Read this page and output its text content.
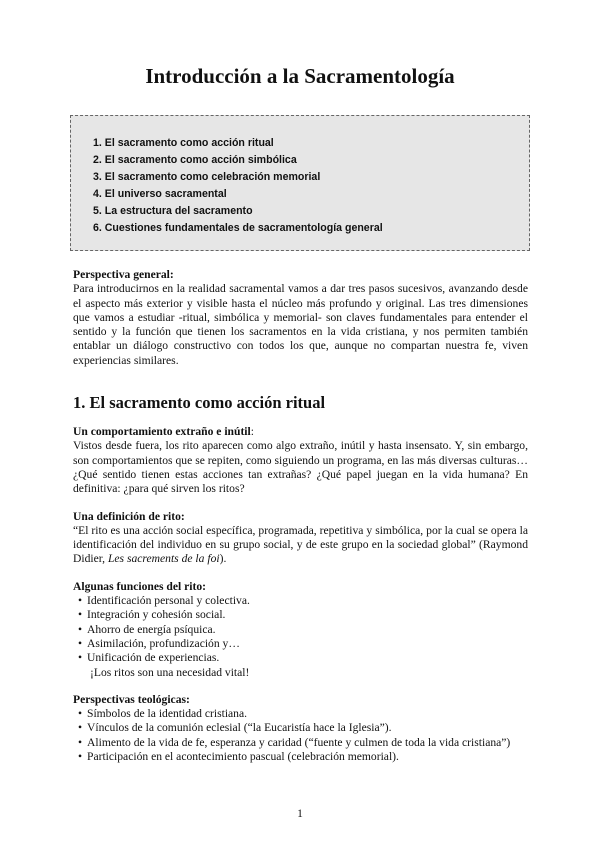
Introducción a la Sacramentología
1. El sacramento como acción ritual
2. El sacramento como acción simbólica
3. El sacramento como celebración memorial
4. El universo sacramental
5. La estructura del sacramento
6. Cuestiones fundamentales de sacramentología general

Perspectiva general:

Para introducirnos en la realidad sacramental vamos a dar tres pasos sucesivos, avanzando desde el aspecto más exterior y visible hasta el núcleo más profundo y original. Las tres dimensiones que vamos a estudiar -ritual, simbólica y memorial- son claves fundamentales para entender el sentido y la función que tienen los sacramentos en la vida cristiana, y nos permiten también entablar un diálogo constructivo con todos los que, aunque no compartan nuestra fe, viven experiencias similares.

1. El sacramento como acción ritual

Un comportamiento extraño e inútil:

Vistos desde fuera, los rito aparecen como algo extraño, inútil y hasta insensato. Y, sin embargo, son comportamientos que se repiten, como siguiendo un programa, en las más diversas culturas… ¿Qué sentido tienen estas acciones tan extrañas? ¿Qué papel juegan en la vida humana? En definitiva: ¿para qué sirven los ritos?

Una definición de rito:

“El rito es una acción social específica, programada, repetitiva y simbólica, por la cual se opera la identificación del individuo en su grupo social, y de este grupo en la sociedad global” (Raymond Didier, Les sacrements de la foi).

Algunas funciones del rito:

• Identificación personal y colectiva.
• Integración y cohesión social.
• Ahorro de energía psíquica.
• Asimilación, profundización y…
• Unificación de experiencias.

¡Los ritos son una necesidad vital!

Perspectivas teológicas:

• Símbolos de la identidad cristiana.
• Vínculos de la comunión eclesial (“la Eucaristía hace la Iglesia”).
• Alimento de la vida de fe, esperanza y caridad (“fuente y culmen de toda la vida cristiana”)
• Participación en el acontecimiento pascual (celebración memorial).
1
